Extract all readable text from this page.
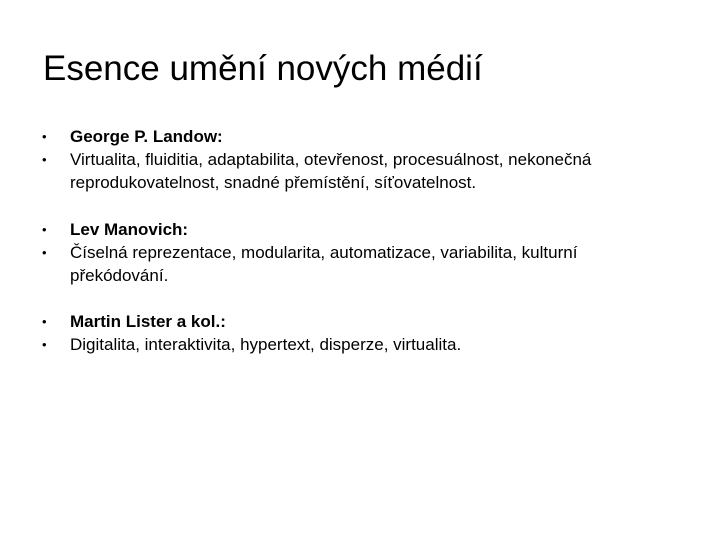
Esence umění nových médií
•	George P. Landow:
•	Virtualita, fluiditia, adaptabilita, otevřenost, procesuálnost, nekonečná reprodukovatelnost, snadné přemístění, síťovatelnost.
•	Lev Manovich:
•	Číselná reprezentace, modularita, automatizace, variabilita, kulturní překódování.
•	Martin Lister a kol.:
•	Digitalita, interaktivita, hypertext, disperze, virtualita.
